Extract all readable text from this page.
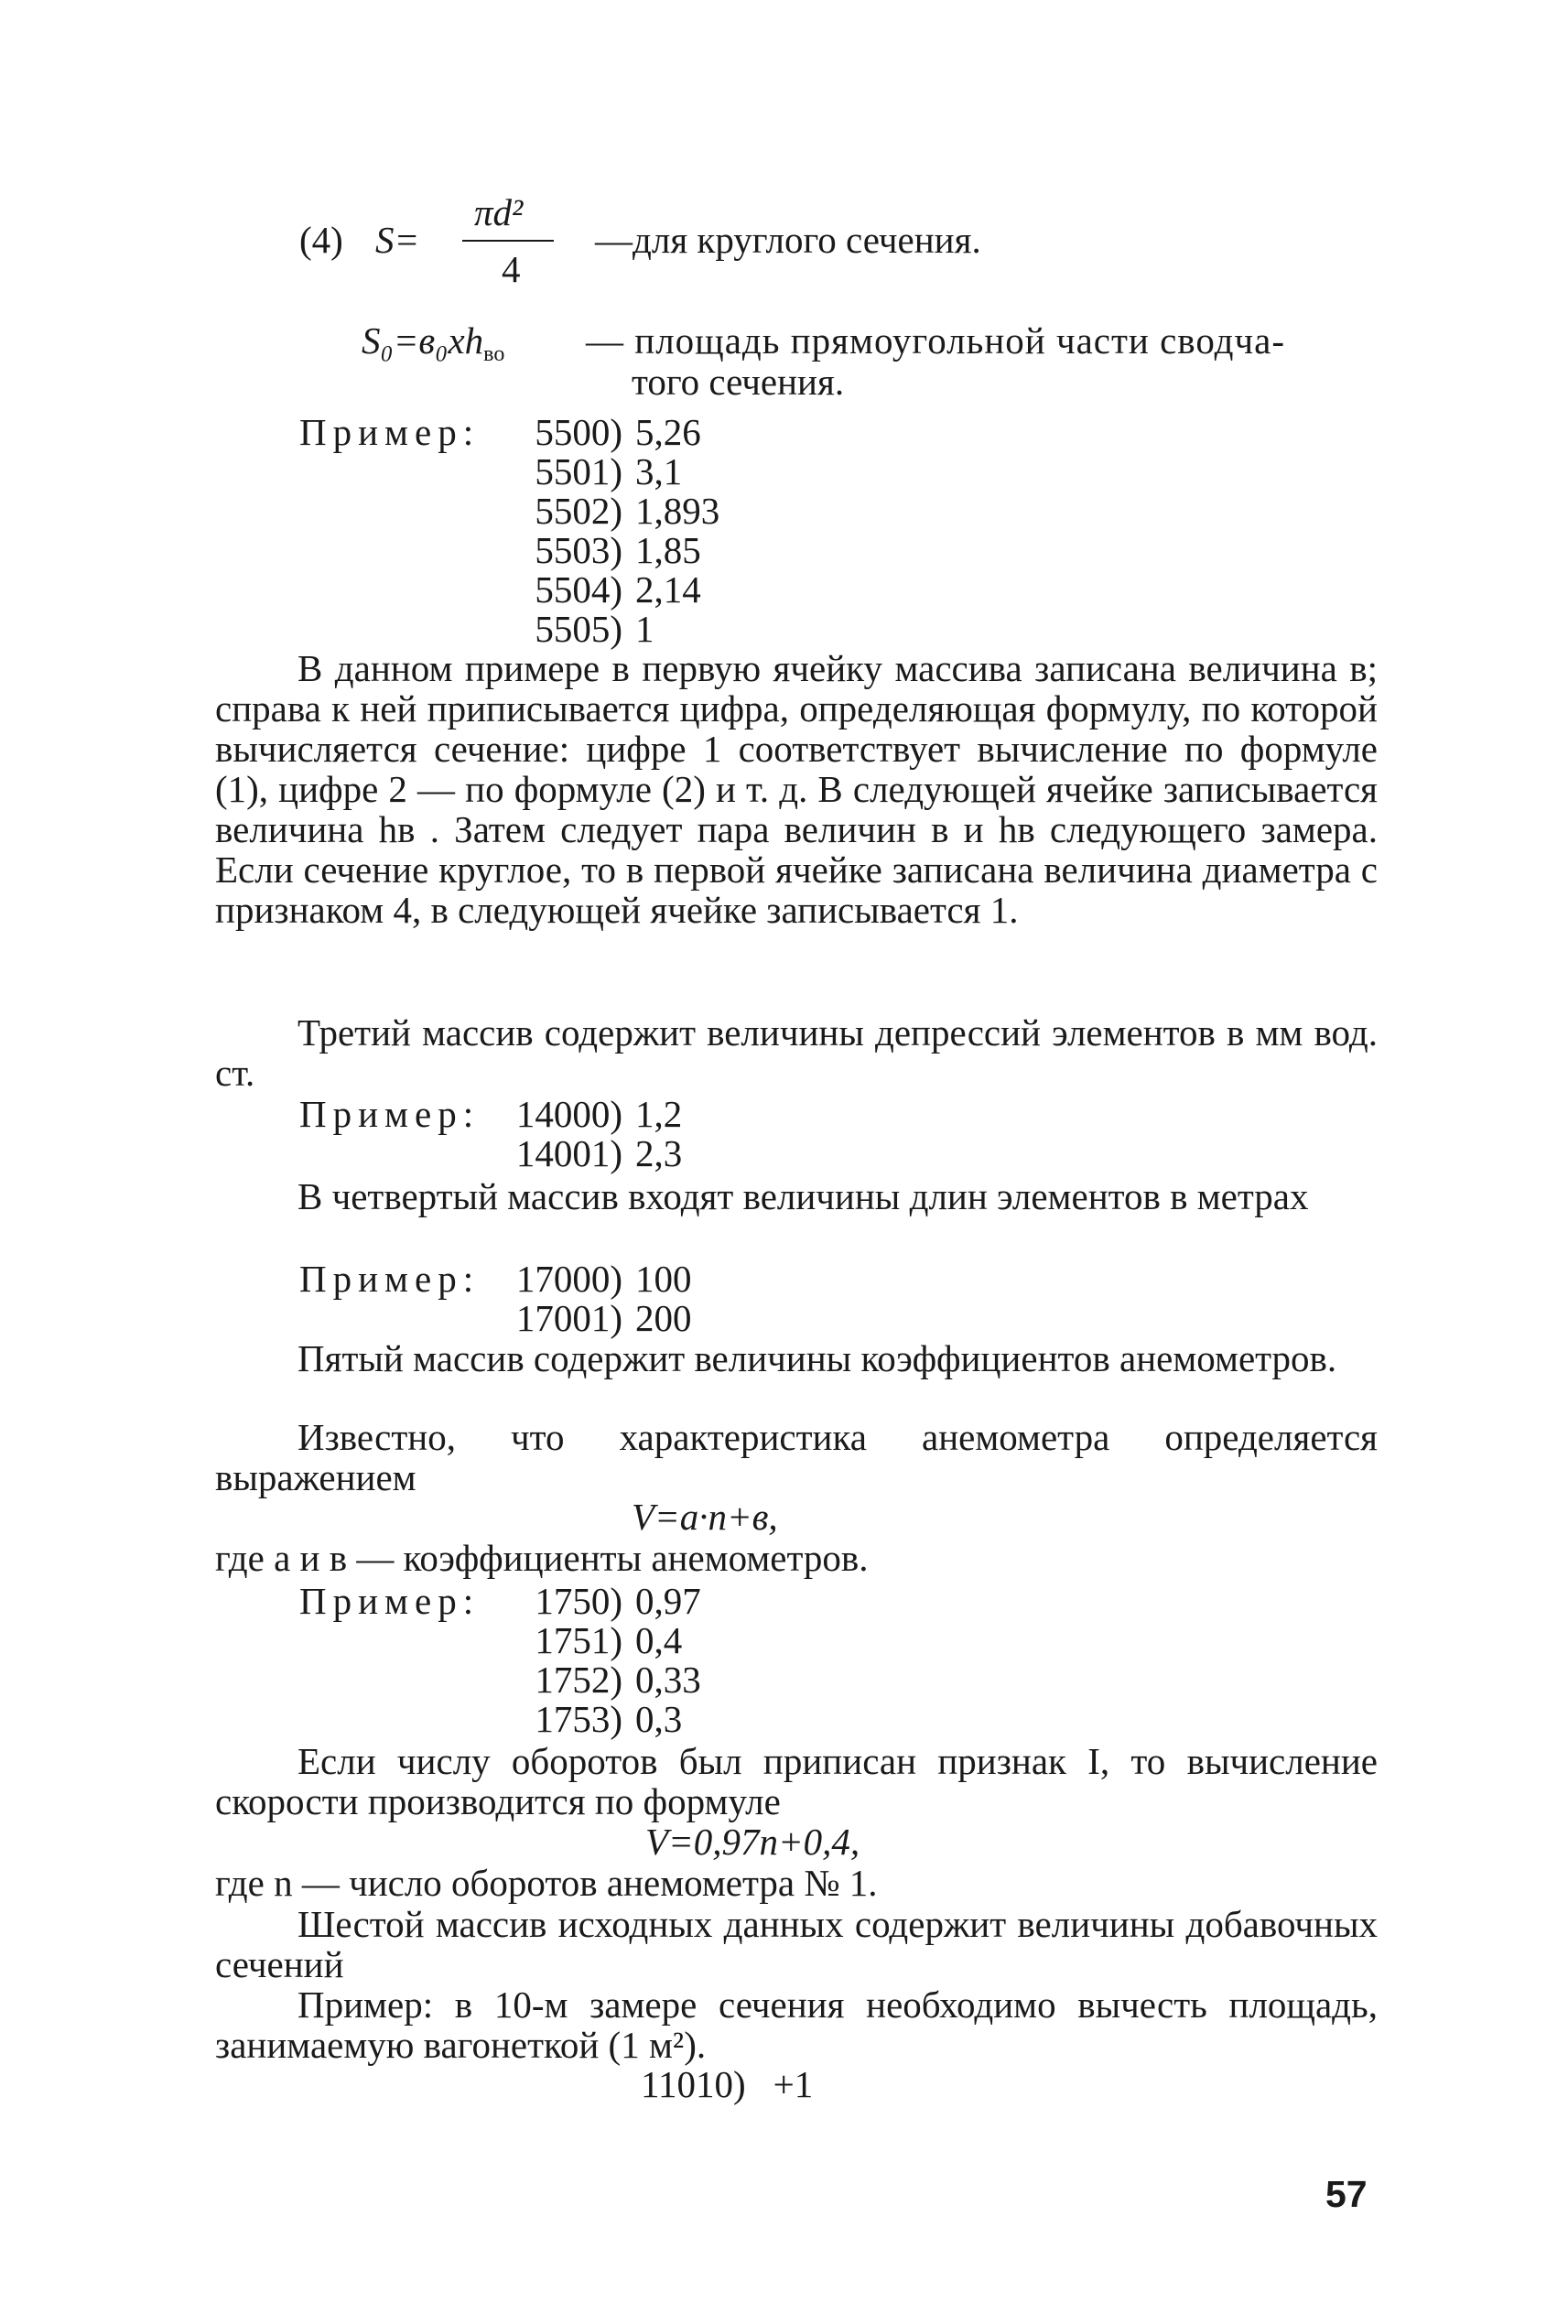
(4) S=
πd²
4
—для круглого сечения.
$S_0=в_0xh_{во}$ — площадь прямоугольной части сводча-
того сечения.
Пример:	5500) 5,26
5501) 3,1
5502) 1,893
5503) 1,85
5504) 2,14
5505) 1

В данном примере в первую ячейку массива записана величина в; справа к ней приписывается цифра, определяющая формулу, по которой вычисляется сечение: цифре 1 соответствует вычисление по формуле (1), цифре 2 — по формуле (2) и т. д. В следующей ячейке записывается величина hв . Затем следует пара величин в и hв следующего замера. Если сечение круглое, то в первой ячейке записана величина диаметра с признаком 4, в следующей ячейке записывается 1.

Третий массив содержит величины депрессий элементов в мм вод. ст.

Пример: 14000) 1,2
14001) 2,3

В четвертый массив входят величины длин элементов в метрах

Пример: 17000) 100
17001) 200

Пятый массив содержит величины коэффициентов анемометров.

Известно, что характеристика анемометра определяется выражением

V=a·n+в,

где а и в — коэффициенты анемометров.

Пример:	1750) 0,97
1751) 0,4
1752) 0,33
1753) 0,3

Если числу оборотов был приписан признак I, то вычисление скорости производится по формуле

V=0,97n+0,4,

где n — число оборотов анемометра № 1.

Шестой массив исходных данных содержит величины добавочных сечений

Пример: в 10-м замере сечения необходимо вычесть площадь, занимаемую вагонеткой (1 м²).

11010) +1
57
